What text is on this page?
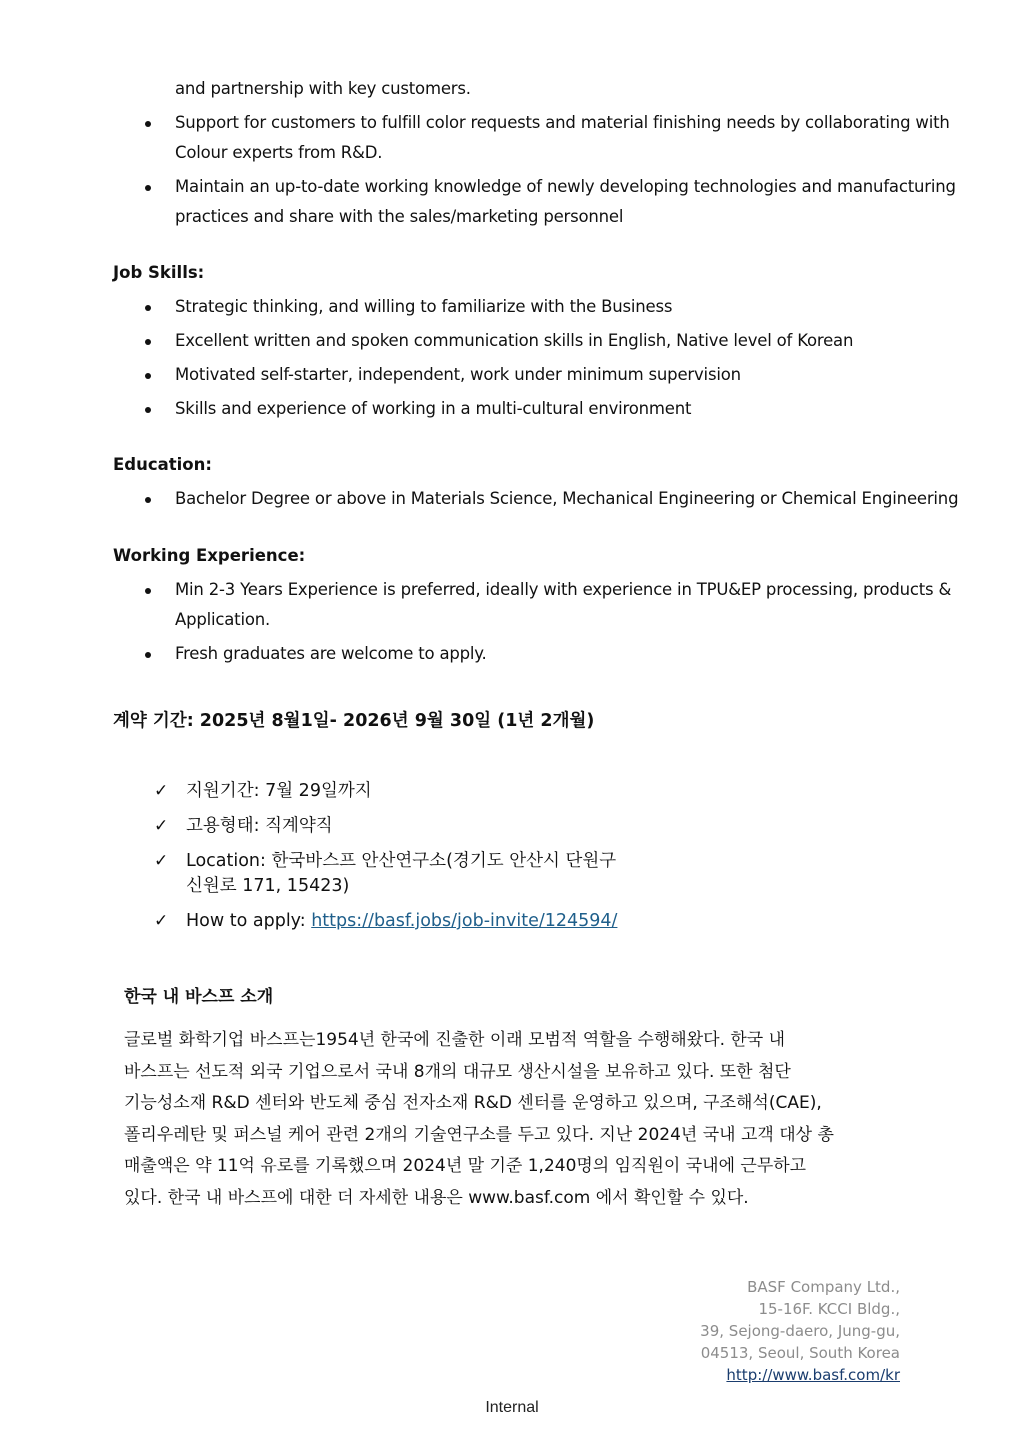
and partnership with key customers.
Support for customers to fulfill color requests and material finishing needs by collaborating with Colour experts from R&D.
Maintain an up-to-date working knowledge of newly developing technologies and manufacturing practices and share with the sales/marketing personnel
Job Skills:
Strategic thinking, and willing to familiarize with the Business
Excellent written and spoken communication skills in English, Native level of Korean
Motivated self-starter, independent, work under minimum supervision
Skills and experience of working in a multi-cultural environment
Education:
Bachelor Degree or above in Materials Science, Mechanical Engineering or Chemical Engineering
Working Experience:
Min 2-3 Years Experience is preferred, ideally with experience in TPU&EP processing, products & Application.
Fresh graduates are welcome to apply.
계약 기간: 2025년 8월1일- 2026년 9월 30일 (1년 2개월)
✓ 지원기간: 7월 29일까지
✓ 고용형태: 직계약직
✓ Location: 한국바스프 안산연구소(경기도 안산시 단원구
신원로 171, 15423)
✓ How to apply: https://basf.jobs/job-invite/124594/
한국 내 바스프 소개
글로벌 화학기업 바스프는1954년 한국에 진출한 이래 모범적 역할을 수행해왔다. 한국 내
바스프는 선도적 외국 기업으로서 국내 8개의 대규모 생산시설을 보유하고 있다. 또한 첨단
기능성소재 R&D 센터와 반도체 중심 전자소재 R&D 센터를 운영하고 있으며, 구조해석(CAE),
폴리우레탄 및 퍼스널 케어 관련 2개의 기술연구소를 두고 있다. 지난 2024년 국내 고객 대상 총
매출액은 약 11억 유로를 기록했으며 2024년 말 기준 1,240명의 임직원이 국내에 근무하고
있다. 한국 내 바스프에 대한 더 자세한 내용은 www.basf.com 에서 확인할 수 있다.
BASF Company Ltd.,
15-16F. KCCI Bldg.,
39, Sejong-daero, Jung-gu,
04513, Seoul, South Korea
http://www.basf.com/kr
Internal
